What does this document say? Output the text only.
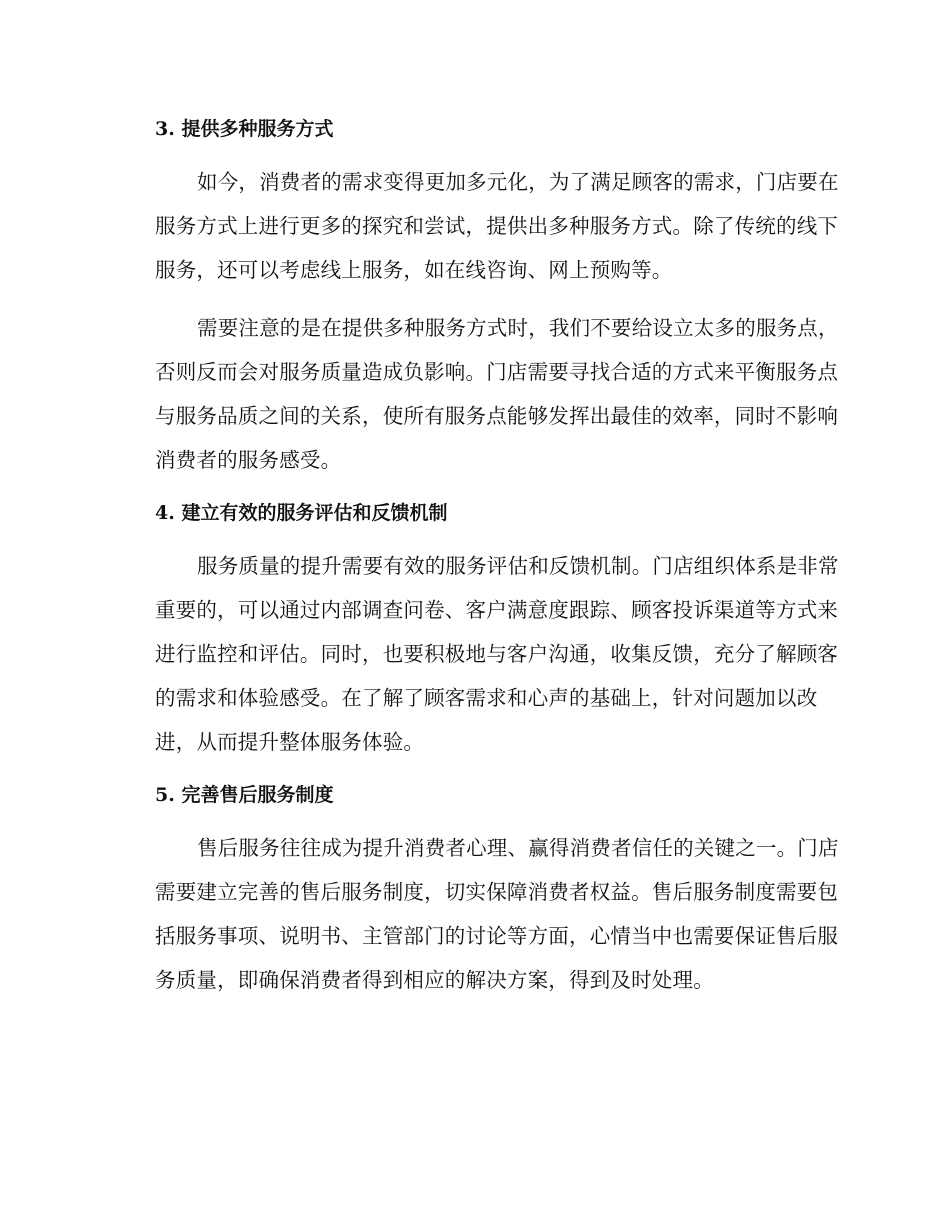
3. 提供多种服务方式

如今，消费者的需求变得更加多元化，为了满足顾客的需求，门店要在
服务方式上进行更多的探究和尝试，提供出多种服务方式。除了传统的线下
服务，还可以考虑线上服务，如在线咨询、网上预购等。

需要注意的是在提供多种服务方式时，我们不要给设立太多的服务点，
否则反而会对服务质量造成负影响。门店需要寻找合适的方式来平衡服务点
与服务品质之间的关系，使所有服务点能够发挥出最佳的效率，同时不影响
消费者的服务感受。

4. 建立有效的服务评估和反馈机制

服务质量的提升需要有效的服务评估和反馈机制。门店组织体系是非常
重要的，可以通过内部调查问卷、客户满意度跟踪、顾客投诉渠道等方式来
进行监控和评估。同时，也要积极地与客户沟通，收集反馈，充分了解顾客
的需求和体验感受。在了解了顾客需求和心声的基础上，针对问题加以改
进，从而提升整体服务体验。

5. 完善售后服务制度

售后服务往往成为提升消费者心理、赢得消费者信任的关键之一。门店
需要建立完善的售后服务制度，切实保障消费者权益。售后服务制度需要包
括服务事项、说明书、主管部门的讨论等方面，心情当中也需要保证售后服
务质量，即确保消费者得到相应的解决方案，得到及时处理。
